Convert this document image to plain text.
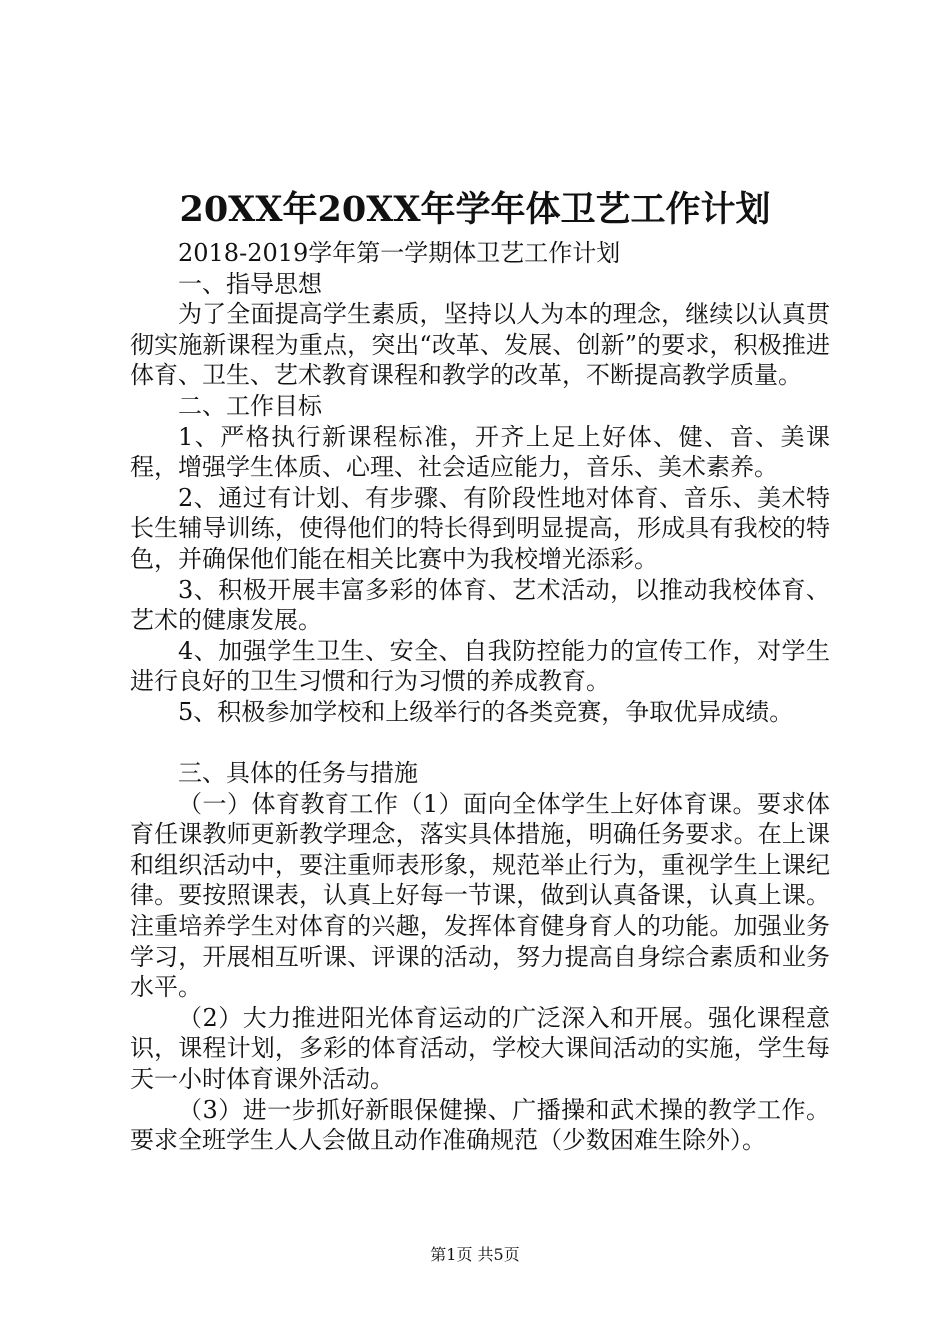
20XX年20XX年学年体卫艺工作计划

2018-2019学年第一学期体卫艺工作计划

一、指导思想

为了全面提高学生素质，坚持以人为本的理念，继续以认真贯彻实施新课程为重点，突出“改革、发展、创新”的要求，积极推进体育、卫生、艺术教育课程和教学的改革，不断提高教学质量。

二、工作目标

1、严格执行新课程标准，开齐上足上好体、健、音、美课程，增强学生体质、心理、社会适应能力，音乐、美术素养。

2、通过有计划、有步骤、有阶段性地对体育、音乐、美术特长生辅导训练，使得他们的特长得到明显提高，形成具有我校的特色，并确保他们能在相关比赛中为我校增光添彩。

3、积极开展丰富多彩的体育、艺术活动，以推动我校体育、艺术的健康发展。

4、加强学生卫生、安全、自我防控能力的宣传工作，对学生进行良好的卫生习惯和行为习惯的养成教育。

5、积极参加学校和上级举行的各类竞赛，争取优异成绩。

三、具体的任务与措施

（一）体育教育工作（1）面向全体学生上好体育课。要求体育任课教师更新教学理念，落实具体措施，明确任务要求。在上课和组织活动中，要注重师表形象，规范举止行为，重视学生上课纪律。要按照课表，认真上好每一节课，做到认真备课，认真上课。注重培养学生对体育的兴趣，发挥体育健身育人的功能。加强业务学习，开展相互听课、评课的活动，努力提高自身综合素质和业务水平。

（2）大力推进阳光体育运动的广泛深入和开展。强化课程意识，课程计划，多彩的体育活动，学校大课间活动的实施，学生每天一小时体育课外活动。

（3）进一步抓好新眼保健操、广播操和武术操的教学工作。要求全班学生人人会做且动作准确规范（少数困难生除外）。

第1页 共5页
